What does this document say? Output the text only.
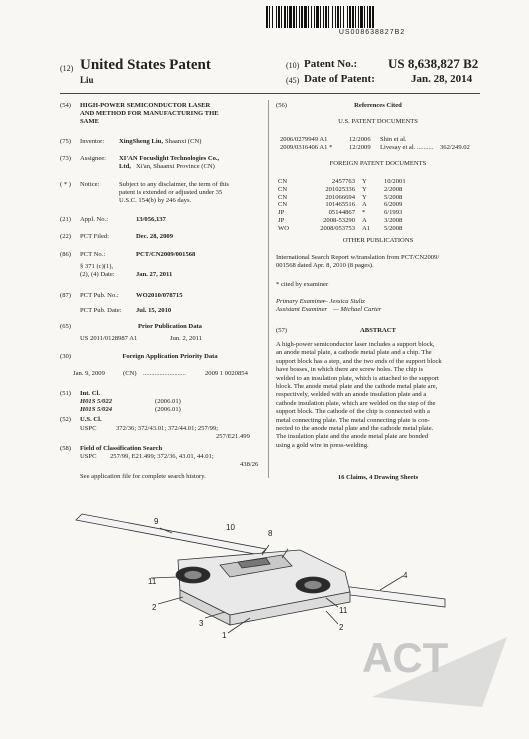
US008638827B2
(12) United States Patent
Liu
(10) Patent No.: US 8,638,827 B2
(45) Date of Patent:	Jan. 28, 2014
(54) HIGH-POWER SEMICONDUCTOR LASER
AND METHOD FOR MANUFACTURING THE
SAME
(75) Inventor: XingSheng Liu, Shaanxi (CN)
(73) Assignee: XI'AN Focuslight Technologies Co.,
Ltd, Xi'an, Shaanxi Province (CN)
( * ) Notice:	Subject to any disclaimer, the term of this
patent is extended or adjusted under 35
U.S.C. 154(b) by 246 days.
(21) Appl. No.:	13/056,137
(22) PCT Filed:	Dec. 28, 2009
(86) PCT No.:	PCT/CN2009/001568
§ 371 (c)(1),
(2), (4) Date:	Jan. 27, 2011
(87) PCT Pub. No.:	WO2010/078715
PCT Pub. Date: Jul. 15, 2010
(65)	Prior Publication Data
US 2011/0128987 A1	Jun. 2, 2011
(30)	Foreign Application Priority Data
Jan. 9, 2009	(CN) ..........................	2009 1 0020854
(51) Int. Cl.
H01S 5/022	(2006.01)
H01S 5/024	(2006.01)
(52) U.S. Cl.
USPC	372/36; 372/43.01; 372/44.01; 257/99;
257/E21.499
(58) Field of Classification Search
USPC 257/99, E21.499; 372/36, 43.01, 44.01;
438/26
See application file for complete search history.
(56)	References Cited
U.S. PATENT DOCUMENTS
2006/0279949 A1	12/2006 Shin et al.
2009/0316406 A1 *	12/2009 Livesay et al. .......... 362/249.02
FOREIGN PATENT DOCUMENTS
CN	2457763 Y	10/2001
CN	201025336 Y	2/2008
CN	201066694 Y	5/2008
CN	101465516 A	6/2009
JP	05144867 *	6/1993
JP	2008-53290 A	3/2008
WO	2008/053753 A1 5/2008
OTHER PUBLICATIONS
International Search Report w/translation from PCT/CN2009/
001568 dated Apr. 8, 2010 (8 pages).
* cited by examiner
Primary Examiner
— Jessica Stultz
Assistant Examiner — Michael Carter
(57)	ABSTRACT
A high-power semiconductor laser includes a support block,
an anode metal plate, a cathode metal plate and a chip. The
support block has a step, and the two ends of the support block
have bosses, in which there are screw holes. The chip is
welded to an insulation plate, which is attached to the support
block. The anode metal plate and the cathode metal plate are,
respectively, welded with an anode insulation plate and a
cathode insulation plate, which are welded on the step of the
support block. The cathode of the chip is connected with a
metal connecting plate. The metal connecting plate is con-
nected to the anode metal plate and the cathode metal plate.
The insulation plate and the anode metal plate are bonded
using a gold wire in press-welding.
16 Claims, 4 Drawing Sheets
9
10
8
11
4
2
3
1
11
2
ACT
